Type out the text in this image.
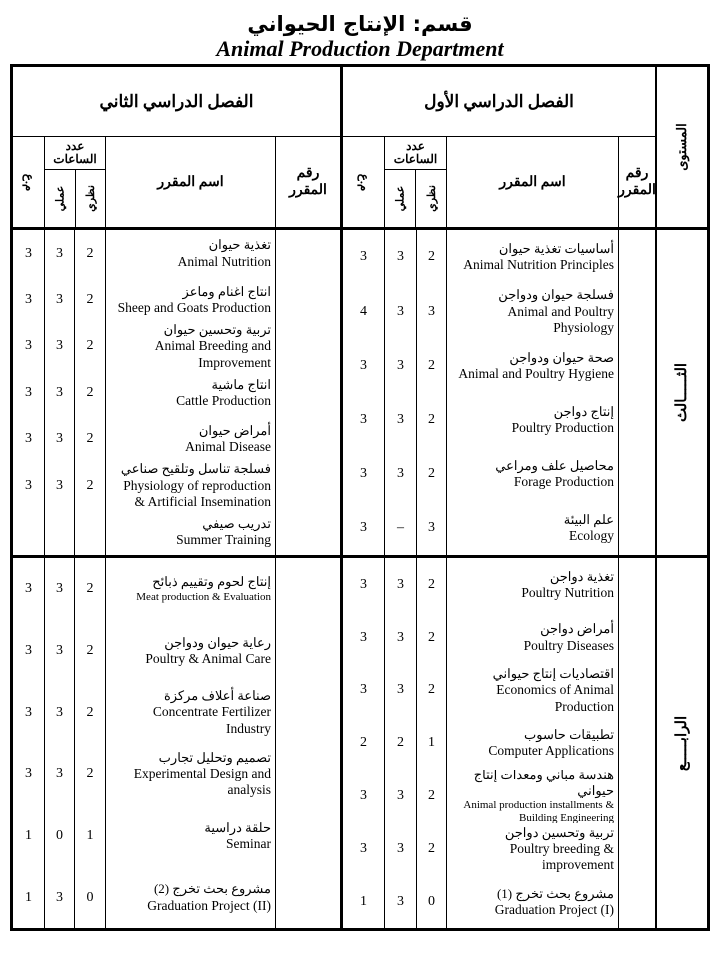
قسم: الإنتاج الحيواني
Animal Production Department
المستوى
الفصل الدراسي الأول
رقم المقرر
اسم المقرر
عدد الساعات
نظري
عملي
م.ع
الفصل الدراسي الثاني
رقم المقرر
اسم المقرر
عدد الساعات
نظري
عملي
م.ع
الثـــــالث
أساسيات تغذية حيوان
Animal Nutrition Principles
2
3
3
فسلجة حيوان ودواجن
Animal and Poultry Physiology
3
3
4
صحة حيوان ودواجن
Animal and Poultry Hygiene
2
3
3
إنتاج دواجن
Poultry Production
2
3
3
محاصيل علف ومراعي
Forage Production
2
3
3
علم البيئة
Ecology
3
–
3
تغذية حيوان
Animal Nutrition
2
3
3
انتاج اغنام وماعز
Sheep and Goats Production
2
3
3
تربية وتحسين حيوان
Animal Breeding and Improvement
2
3
3
انتاج ماشية
Cattle Production
2
3
3
أمراض حيوان
Animal Disease
2
3
3
فسلجة تناسل وتلقيح صناعي
Physiology of reproduction & Artificial Insemination
2
3
3
تدريب صيفي
Summer Training
الرابـــــع
تغذية دواجن
Poultry Nutrition
2
3
3
أمراض دواجن
Poultry Diseases
2
3
3
اقتصاديات إنتاج حيواني
Economics of Animal Production
2
3
3
تطبيقات حاسوب
Computer Applications
1
2
2
هندسة مباني ومعدات إنتاج حيواني
Animal production installments & Building Engineering
2
3
3
تربية وتحسين دواجن
Poultry breeding & improvement
2
3
3
مشروع بحث تخرج (1)
Graduation Project (I)
0
3
1
إنتاج لحوم وتقييم ذبائح
Meat production & Evaluation
2
3
3
رعاية حيوان ودواجن
Poultry & Animal Care
2
3
3
صناعة أعلاف مركزة
Concentrate Fertilizer Industry
2
3
3
تصميم وتحليل تجارب
Experimental Design and analysis
2
3
3
حلقة دراسية
Seminar
1
0
1
مشروع بحث تخرج (2)
Graduation Project (II)
0
3
1
